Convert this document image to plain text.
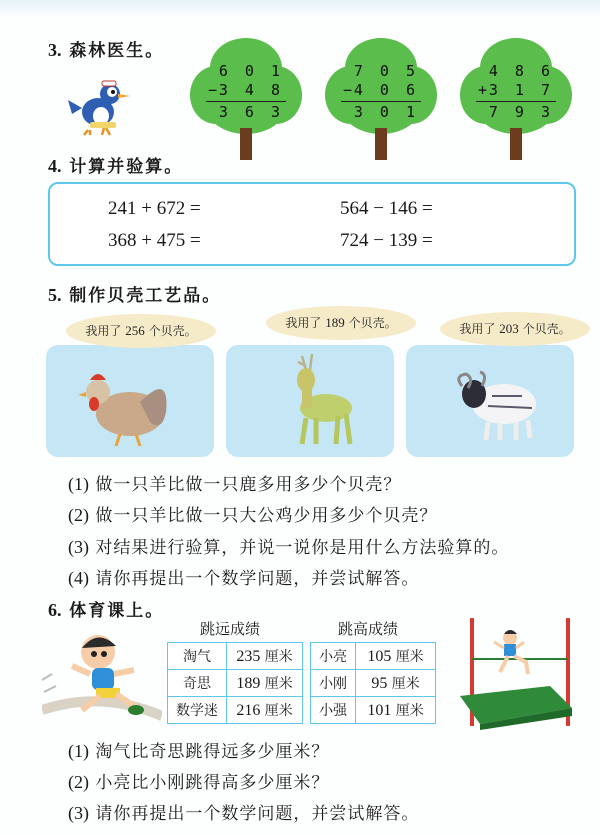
3. 森林医生。
6 0 1
−
3 4 8
3 6 3
7 0 5
−
4 0 6
3 0 1
4 8 6
+
3 1 7
7 9 3
4. 计算并验算。
241 + 672 =	564 − 146 =
368 + 475 =	724 − 139 =
5. 制作贝壳工艺品。
我用了 256 个贝壳。
我用了 189 个贝壳。	我用了 203 个贝壳。
(1) 做一只羊比做一只鹿多用多少个贝壳？
(2) 做一只羊比做一只大公鸡少用多少个贝壳？
(3) 对结果进行验算，并说一说你是用什么方法验算的。
(4) 请你再提出一个数学问题，并尝试解答。
6. 体育课上。
跳远成绩
淘气	235 厘米
奇思	189 厘米
数学迷	216 厘米
跳高成绩
小亮	105 厘米
小刚	95 厘米
小强	101 厘米
(1) 淘气比奇思跳得远多少厘米？
(2) 小亮比小刚跳得高多少厘米？
(3) 请你再提出一个数学问题，并尝试解答。
